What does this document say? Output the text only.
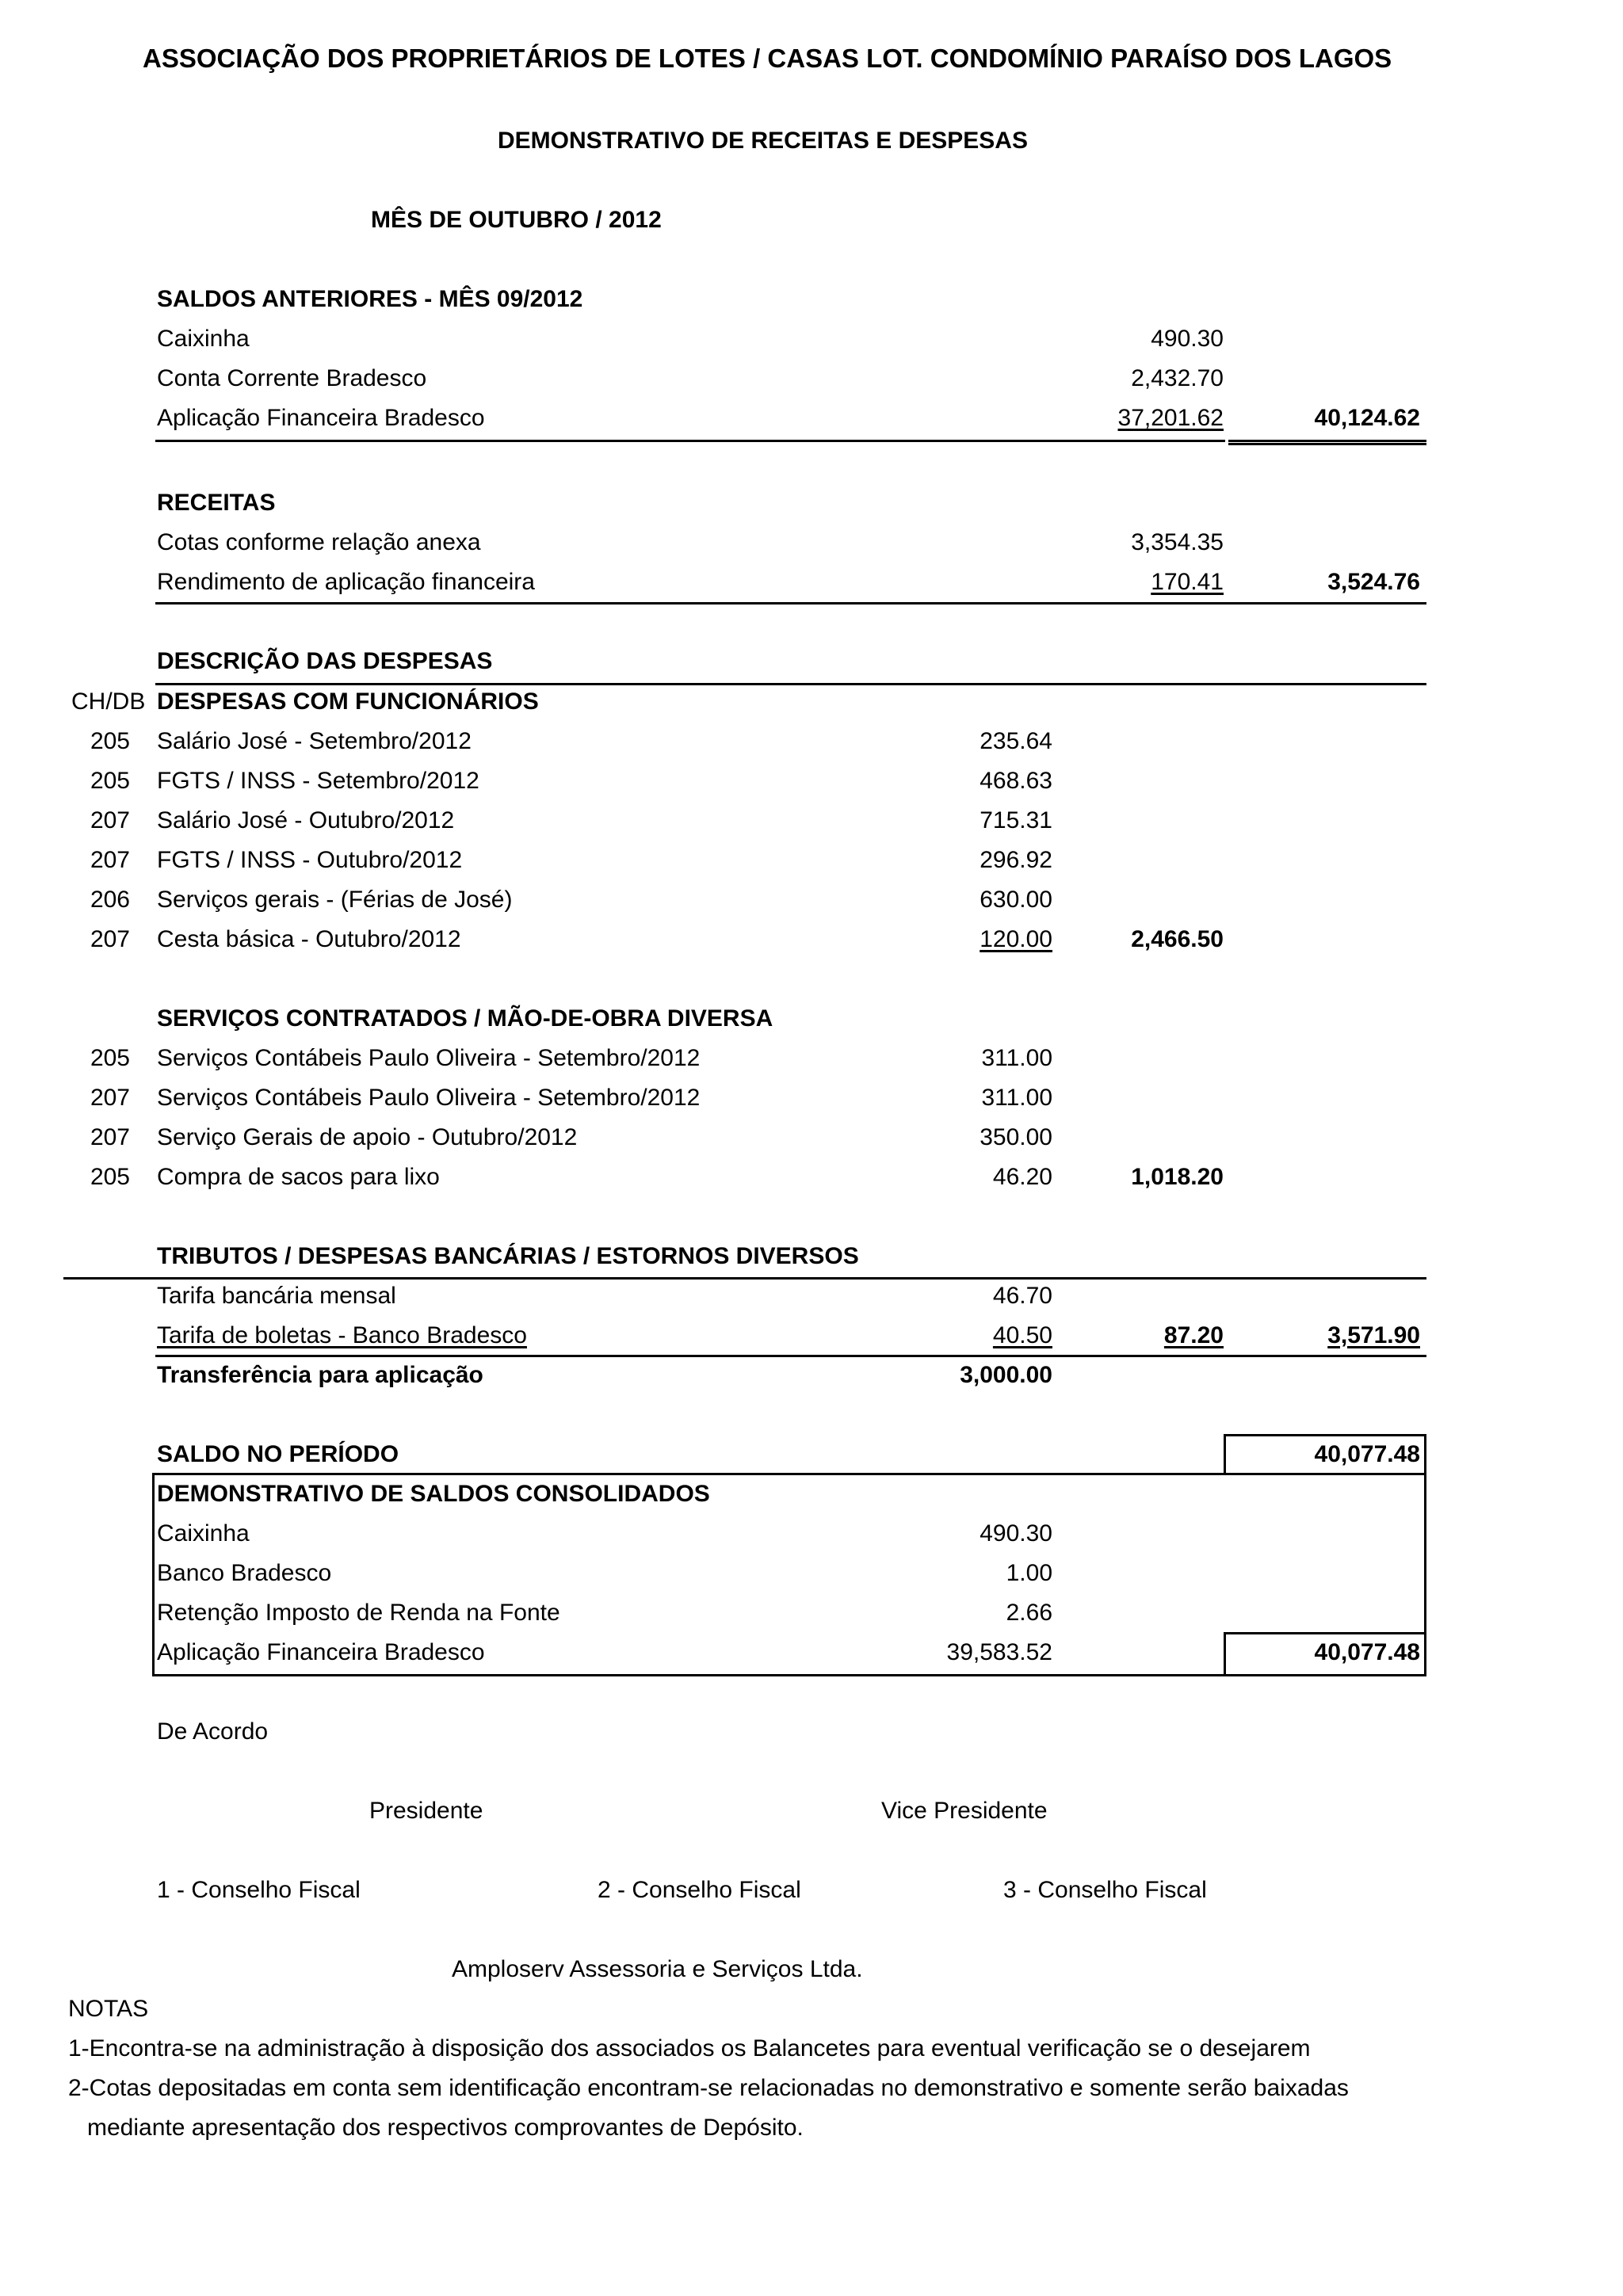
ASSOCIAÇÃO DOS PROPRIETÁRIOS DE LOTES / CASAS LOT. CONDOMÍNIO PARAÍSO DOS LAGOS
DEMONSTRATIVO DE RECEITAS E DESPESAS
MÊS DE OUTUBRO / 2012
SALDOS ANTERIORES - MÊS 09/2012
Caixinha	490.30
Conta Corrente Bradesco	2,432.70
Aplicação Financeira Bradesco	37,201.62	40,124.62
RECEITAS
Cotas conforme relação anexa	3,354.35
Rendimento de aplicação financeira	170.41	3,524.76
DESCRIÇÃO DAS DESPESAS
CH/DB DESPESAS COM FUNCIONÁRIOS
205 Salário José - Setembro/2012	235.64
205 FGTS / INSS - Setembro/2012	468.63
207 Salário José - Outubro/2012	715.31
207 FGTS / INSS - Outubro/2012	296.92
206 Serviços gerais - (Férias de José)	630.00
207 Cesta básica - Outubro/2012	120.00	2,466.50
SERVIÇOS CONTRATADOS / MÃO-DE-OBRA DIVERSA
205 Serviços Contábeis Paulo Oliveira - Setembro/2012	311.00
207 Serviços Contábeis Paulo Oliveira - Setembro/2012	311.00
207 Serviço Gerais de apoio - Outubro/2012	350.00
205 Compra de sacos para lixo	46.20	1,018.20
TRIBUTOS / DESPESAS BANCÁRIAS / ESTORNOS DIVERSOS
Tarifa bancária mensal	46.70
Tarifa de boletas - Banco Bradesco	40.50	87.20	3,571.90
Transferência para aplicação	3,000.00
SALDO NO PERÍODO	40,077.48
DEMONSTRATIVO DE SALDOS CONSOLIDADOS
Caixinha	490.30
Banco Bradesco	1.00
Retenção Imposto de Renda na Fonte	2.66
Aplicação Financeira Bradesco	39,583.52	40,077.48
De Acordo
Presidente	Vice Presidente
1 - Conselho Fiscal	2 - Conselho Fiscal	3 - Conselho Fiscal
Amploserv Assessoria e Serviços Ltda.
NOTAS
1-Encontra-se na administração à disposição dos associados os Balancetes para eventual verificação se o desejarem
2-Cotas depositadas em conta sem identificação encontram-se relacionadas no demonstrativo e somente serão baixadas
mediante apresentação dos respectivos comprovantes de Depósito.
